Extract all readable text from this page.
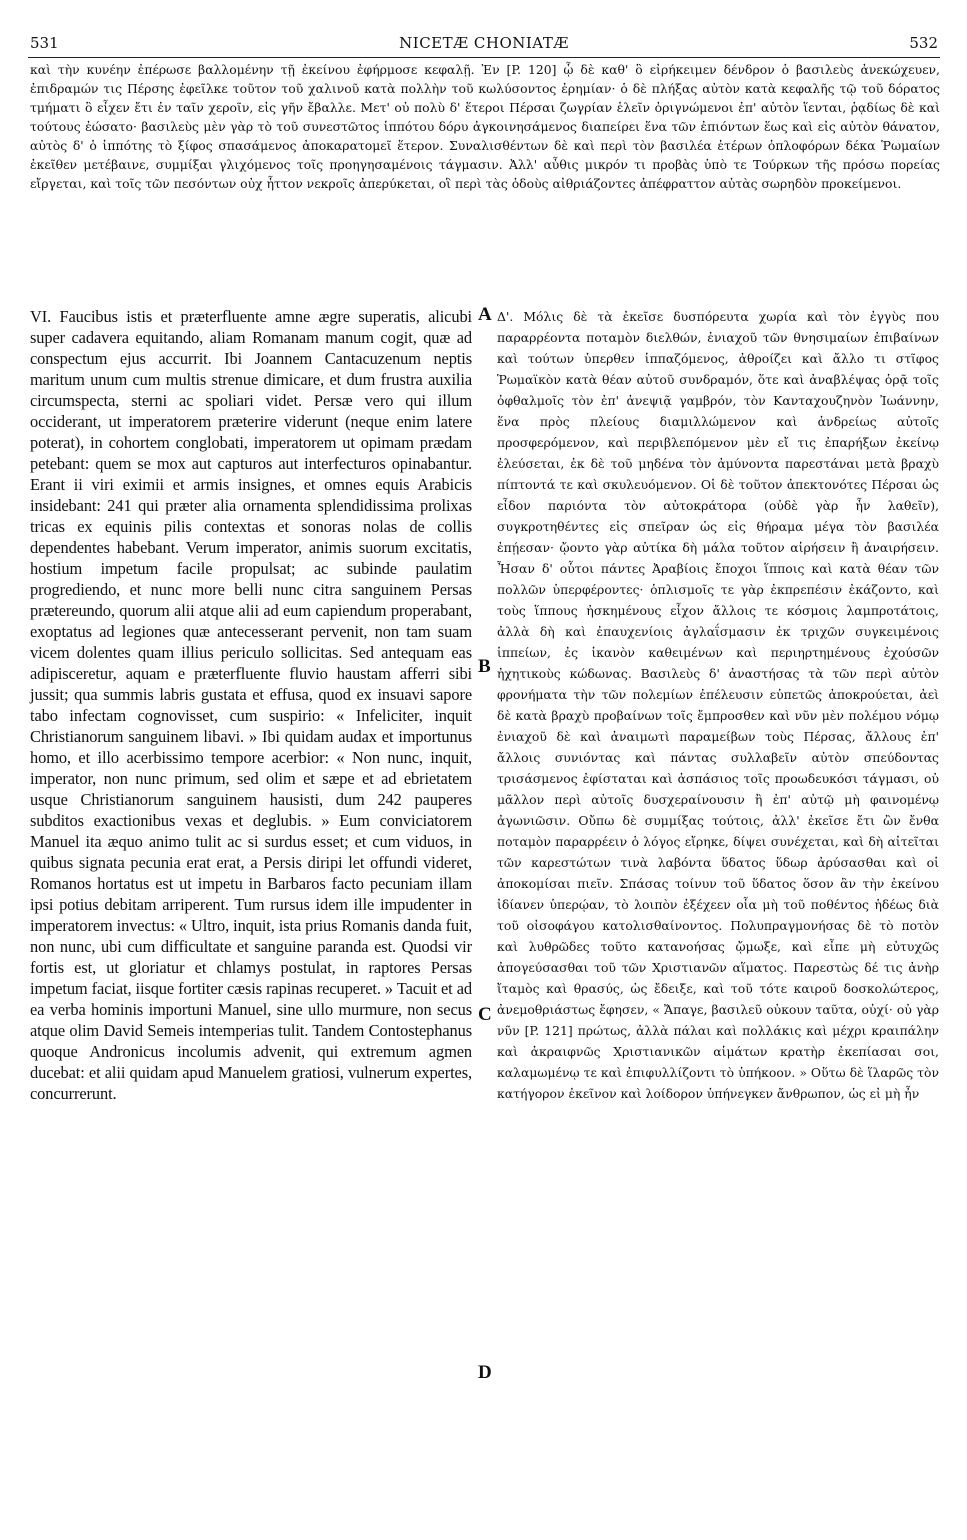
531	NICETÆ CHONIATÆ	532

καὶ τὴν κυνέην ἐπέρωσε βαλλομένην τῇ ἐκείνου ἐφήρμοσε κεφαλῇ. Ἐν [P. 120] ᾧ δὲ καθ' ὃ εἰρήκειμεν δένδρον ὁ βασιλεὺς ἀνεκώχευεν, ἐπιδραμών τις Πέρσης ἐφεῖλκε τοῦτον τοῦ χαλινοῦ κατὰ πολλὴν τοῦ κωλύσοντος ἐρημίαν· ὁ δὲ πλήξας αὐτὸν κατὰ κεφαλῆς τῷ τοῦ δόρατος τμήματι ὃ εἶχεν ἔτι ἐν ταῖν χεροῖν, εἰς γῆν ἔβαλλε. Μετ' οὐ πολὺ δ' ἕτεροι Πέρσαι ζωγρίαν ἑλεῖν ὀριγνώμενοι ἐπ' αὐτὸν ἵενται, ῥᾳδίως δὲ καὶ τούτους ἐώσατο· βασιλεὺς μὲν γὰρ τὸ τοῦ συνεστῶτος ἱππότου δόρυ ἀγκοινησάμενος διαπείρει ἕνα τῶν ἐπιόντων ἕως καὶ εἰς αὐτὸν θάνατον, αὐτὸς δ' ὁ ἱππότης τὸ ξίφος σπασάμενος ἀποκαρατομεῖ ἕτερον. Συναλισθέντων δὲ καὶ περὶ τὸν βασιλέα ἑτέρων ὁπλοφόρων δέκα Ῥωμαίων ἐκεῖθεν μετέβαινε, συμμίξαι γλιχόμενος τοῖς προηγησαμένοις τάγμασιν. Ἀλλ' αὖθις μικρόν τι προβὰς ὑπὸ τε Τούρκων τῆς πρόσω πορείας εἴργεται, καὶ τοῖς τῶν πεσόντων οὐχ ἧττον νεκροῖς ἀπερύκεται, οἳ περὶ τὰς ὁδοὺς αἰθριάζοντες ἀπέφραττον αὐτὰς σωρηδὸν προκείμενοι.

VI. Faucibus istis et præterfluente amne ægre superatis, alicubi super cadavera equitando, aliam Romanam manum cogit, quæ ad conspectum ejus accurrit. Ibi Joannem Cantacuzenum neptis maritum unum cum multis strenue dimicare, et dum frustra auxilia circumspecta, sterni ac spoliari videt. Persæ vero qui illum occiderant, ut imperatorem præterire viderunt (neque enim latere poterat), in cohortem conglobati, imperatorem ut opimam prædam petebant: quem se mox aut capturos aut interfecturos opinabantur. Erant ii viri eximii et armis insignes, et omnes equis Arabicis insidebant: 241 qui præter alia ornamenta splendidissima prolixas tricas ex equinis pilis contextas et sonoras nolas de collis dependentes habebant. Verum imperator, animis suorum excitatis, hostium impetum facile propulsat; ac subinde paulatim progrediendo, et nunc more belli nunc citra sanguinem Persas prætereundo, quorum alii atque alii ad eum capiendum properabant, exoptatus ad legiones quæ antecesserant pervenit, non tam suam vicem dolentes quam illius periculo sollicitas. Sed antequam eas adipisceretur, aquam e præterfluente fluvio haustam afferri sibi jussit; qua summis labris gustata et effusa, quod ex insuavi sapore tabo infectam cognovisset, cum suspirio: « Infeliciter, inquit Christianorum sanguinem libavi. » Ibi quidam audax et importunus homo, et illo acerbissimo tempore acerbior: « Non nunc, inquit, imperator, non nunc primum, sed olim et sæpe et ad ebrietatem usque Christianorum sanguinem hausisti, dum 242 pauperes subditos exactionibus vexas et deglubis. » Eum conviciatorem Manuel ita æquo animo tulit ac si surdus esset; et cum viduos, in quibus signata pecunia erat erat, a Persis diripi let offundi videret, Romanos hortatus est ut impetu in Barbaros facto pecuniam illam ipsi potius debitam arriperent. Tum rursus idem ille impudenter in imperatorem invectus: « Ultro, inquit, ista prius Romanis danda fuit, non nunc, ubi cum difficultate et sanguine paranda est. Quodsi vir fortis est, ut gloriatur et chlamys postulat, in raptores Persas impetum faciat, iisque fortiter cæsis rapinas recuperet. » Tacuit et ad ea verba hominis importuni Manuel, sine ullo murmure, non secus atque olim David Semeis intemperias tulit. Tandem Contostephanus quoque Andronicus incolumis advenit, qui extremum agmen ducebat: et alii quidam apud Manuelem gratiosi, vulnerum expertes, concurrerunt.

Δ'. Μόλις δὲ τὰ ἐκεῖσε δυσπόρευτα χωρία καὶ τὸν ἐγγὺς που παραρρέοντα ποταμὸν διελθών, ἐνιαχοῦ τῶν θνησιμαίων ἐπιβαίνων καὶ τούτων ὑπερθεν ἱππαζόμενος, ἀθροίζει καὶ ἄλλο τι στῖφος Ῥωμαϊκὸν κατὰ θέαν αὐτοῦ συνδραμόν, ὅτε καὶ ἀναβλέψας ὁρᾷ τοῖς ὀφθαλμοῖς τὸν ἐπ' ἀνεψιᾷ γαμβρόν, τὸν Κανταχουζηνὸν Ἰωάννην, ἕνα πρὸς πλείους διαμιλλώμενον καὶ ἀνδρείως αὐτοῖς προσφερόμενον, καὶ περιβλεπόμενον μὲν εἴ τις ἐπαρήξων ἐκείνῳ ἐλεύσεται, ἐκ δὲ τοῦ μηδένα τὸν ἀμύνοντα παρεστάναι μετὰ βραχὺ πίπτοντά τε καὶ σκυλευόμενον. Οἱ δὲ τοῦτον ἀπεκτονότες Πέρσαι ὡς εἶδον παριόντα τὸν αὐτοκράτορα (οὐδὲ γὰρ ἦν λαθεῖν), συγκροτηθέντες εἰς σπεῖραν ὡς εἰς θήραμα μέγα τὸν βασιλέα ἐπῄεσαν· ᾤοντο γὰρ αὐτίκα δὴ μάλα τοῦτον αἱρήσειν ἢ ἀναιρήσειν. Ἦσαν δ' οὗτοι πάντες Ἀραβίοις ἔποχοι ἵπποις καὶ κατὰ θέαν τῶν πολλῶν ὑπερφέροντες· ὁπλισμοῖς τε γὰρ ἐκπρεπέσιν ἐκάζοντο, καὶ τοὺς ἵππους ἠσκημένους εἶχον ἄλλοις τε κόσμοις λαμπροτάτοις, ἀλλὰ δὴ καὶ ἐπαυχενίοις ἀγλαΐσμασιν ἐκ τριχῶν συγκειμένοις ἱππείων, ἐς ἱκανὸν καθειμένων καὶ περιηρτημένους ἐχούσῶν ἠχητικοὺς κώδωνας. Βασιλεὺς δ' ἀναστήσας τὰ τῶν περὶ αὐτὸν φρονήματα τὴν τῶν πολεμίων ἐπέλευσιν εὐπετῶς ἀποκρούεται, ἀεὶ δὲ κατὰ βραχὺ προβαίνων τοῖς ἔμπροσθεν καὶ νῦν μὲν πολέμου νόμῳ ἐνιαχοῦ δὲ καὶ ἀναιμωτὶ παραμείβων τοὺς Πέρσας, ἄλλους ἐπ' ἄλλοις συνιόντας καὶ πάντας συλλαβεῖν αὐτὸν σπεύδοντας τρισάσμενος ἐφίσταται καὶ ἀσπάσιος τοῖς προωδευκόσι τάγμασι, οὐ μᾶλλον περὶ αὐτοῖς δυσχεραίνουσιν ἢ ἐπ' αὐτῷ μὴ φαινομένῳ ἀγωνιῶσιν. Οὔπω δὲ συμμίξας τούτοις, ἀλλ' ἐκεῖσε ἔτι ὢν ἔνθα ποταμὸν παραρρέειν ὁ λόγος εἴρηκε, δίψει συνέχεται, καὶ δὴ αἰτεῖται τῶν καρεστώτων τινὰ λαβόντα ὕδατος ὕδωρ ἀρύσασθαι καὶ οἱ ἀποκομίσαι πιεῖν. Σπάσας τοίνυν τοῦ ὕδατος ὅσον ἂν τὴν ἐκείνου ἰδίανεν ὑπερῴαν, τὸ λοιπὸν ἐξέχεεν οἷα μὴ τοῦ ποθέντος ἡδέως διὰ τοῦ οἰσοφάγου κατολισθαίνοντος. Πολυπραγμονήσας δὲ τὸ ποτὸν καὶ λυθρῶδες τοῦτο κατανοήσας ᾤμωξε, καὶ εἶπε μὴ εὐτυχῶς ἀπογεύσασθαι τοῦ τῶν Χριστιανῶν αἵματος. Παρεστὼς δέ τις ἀνὴρ ἴταμὸς καὶ θρασύς, ὡς ἔδειξε, καὶ τοῦ τότε καιροῦ δοσκολώτερος, ἀνεμοθριάστως ἔφησεν, « Ἄπαγε, βασιλεῦ οὐκουν ταῦτα, οὐχί· οὐ γὰρ νῦν [P. 121] πρώτως, ἀλλὰ πάλαι καὶ πολλάκις καὶ μέχρι κραιπάλην καὶ ἀκραιφνῶς Χριστιανικῶν αἱμάτων κρατὴρ ἐκεπίασαι σοι, καλαμωμένῳ τε καὶ ἐπιφυλλίζοντι τὸ ὑπήκοον. » Οὕτω δὲ ἵλαρῶς τὸν κατήγορον ἐκεῖνον καὶ λοίδορον ὑπήνεγκεν ἄνθρωπον, ὡς εἰ μὴ ἦν

A
B
C
D
